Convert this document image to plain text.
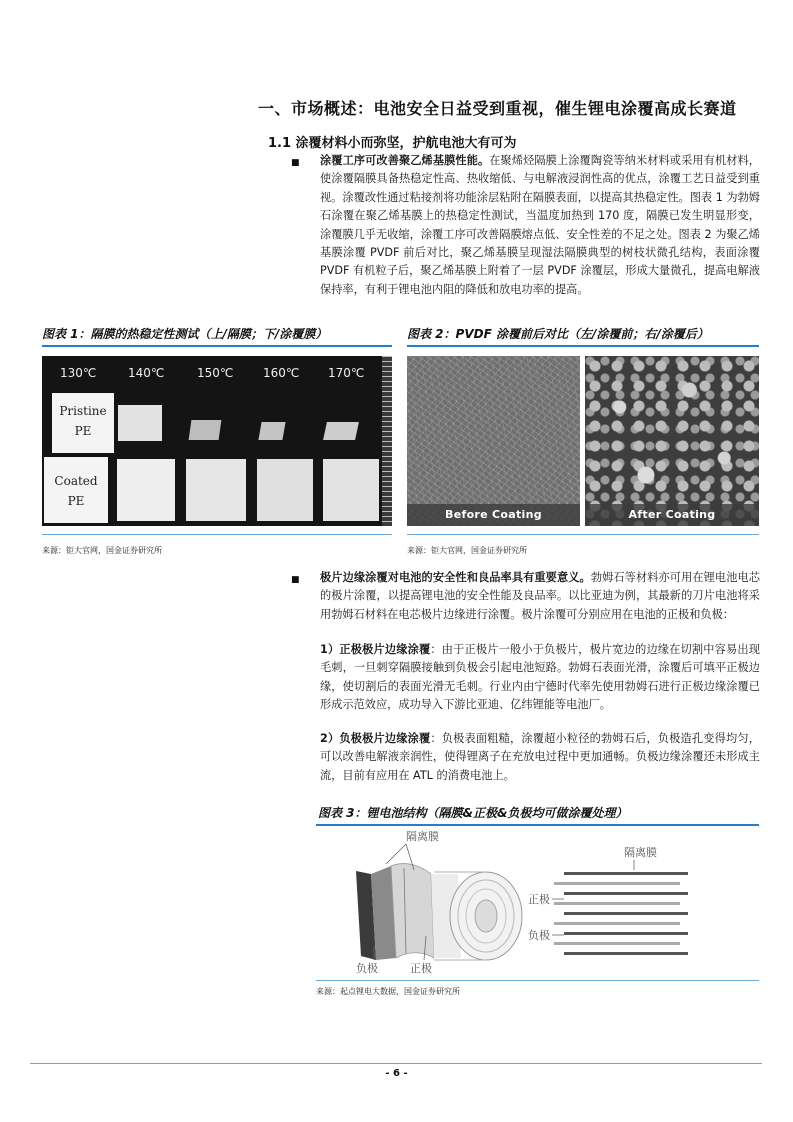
一、市场概述：电池安全日益受到重视，催生锂电涂覆高成长赛道
1.1 涂覆材料小而弥坚，护航电池大有可为
■ 涂覆工序可改善聚乙烯基膜性能。在聚烯烃隔膜上涂覆陶瓷等纳米材料或采用有机材料，使涂覆隔膜具备热稳定性高、热收缩低、与电解液浸润性高的优点，涂覆工艺日益受到重视。涂覆改性通过粘接剂将功能涂层粘附在隔膜表面，以提高其热稳定性。图表 1 为勃姆石涂覆在聚乙烯基膜上的热稳定性测试，当温度加热到 170 度，隔膜已发生明显形变，涂覆膜几乎无收缩，涂覆工序可改善隔膜熔点低、安全性差的不足之处。图表 2 为聚乙烯基膜涂覆 PVDF 前后对比，聚乙烯基膜呈现湿法隔膜典型的树枝状微孔结构，表面涂覆 PVDF 有机粒子后，聚乙烯基膜上附着了一层 PVDF 涂覆层，形成大量微孔，提高电解液保持率，有利于锂电池内阻的降低和放电功率的提高。
图表 1：隔膜的热稳定性测试（上/隔膜；下/涂覆膜）
130℃	140℃	150℃ 160℃ 170℃
Pristine
PE
Coated
PE
来源：钜大官网，国金证券研究所
图表 2：PVDF 涂覆前后对比（左/涂覆前；右/涂覆后）
Before Coating	After Coating
来源：钜大官网，国金证券研究所
■ 极片边缘涂覆对电池的安全性和良品率具有重要意义。勃姆石等材料亦可用在锂电池电芯的极片涂覆，以提高锂电池的安全性能及良品率。以比亚迪为例，其最新的刀片电池将采用勃姆石材料在电芯极片边缘进行涂覆。极片涂覆可分别应用在电池的正极和负极：
1）正极极片边缘涂覆：由于正极片一般小于负极片，极片宽边的边缘在切割中容易出现毛刺，一旦刺穿隔膜接触到负极会引起电池短路。勃姆石表面光滑，涂覆后可填平正极边缘，使切割后的表面光滑无毛刺。行业内由宁德时代率先使用勃姆石进行正极边缘涂覆已形成示范效应，成功导入下游比亚迪、亿纬锂能等电池厂。
2）负极极片边缘涂覆：负极表面粗糙，涂覆超小粒径的勃姆石后，负极造孔变得均匀，可以改善电解液亲润性，使得锂离子在充放电过程中更加通畅。负极边缘涂覆还未形成主流，目前有应用在 ATL 的消费电池上。
图表 3：锂电池结构（隔膜&正极&负极均可做涂覆处理）
隔离膜
负极	正极
隔离膜
正极
负极
来源：起点锂电大数据，国金证券研究所
- 6 -
